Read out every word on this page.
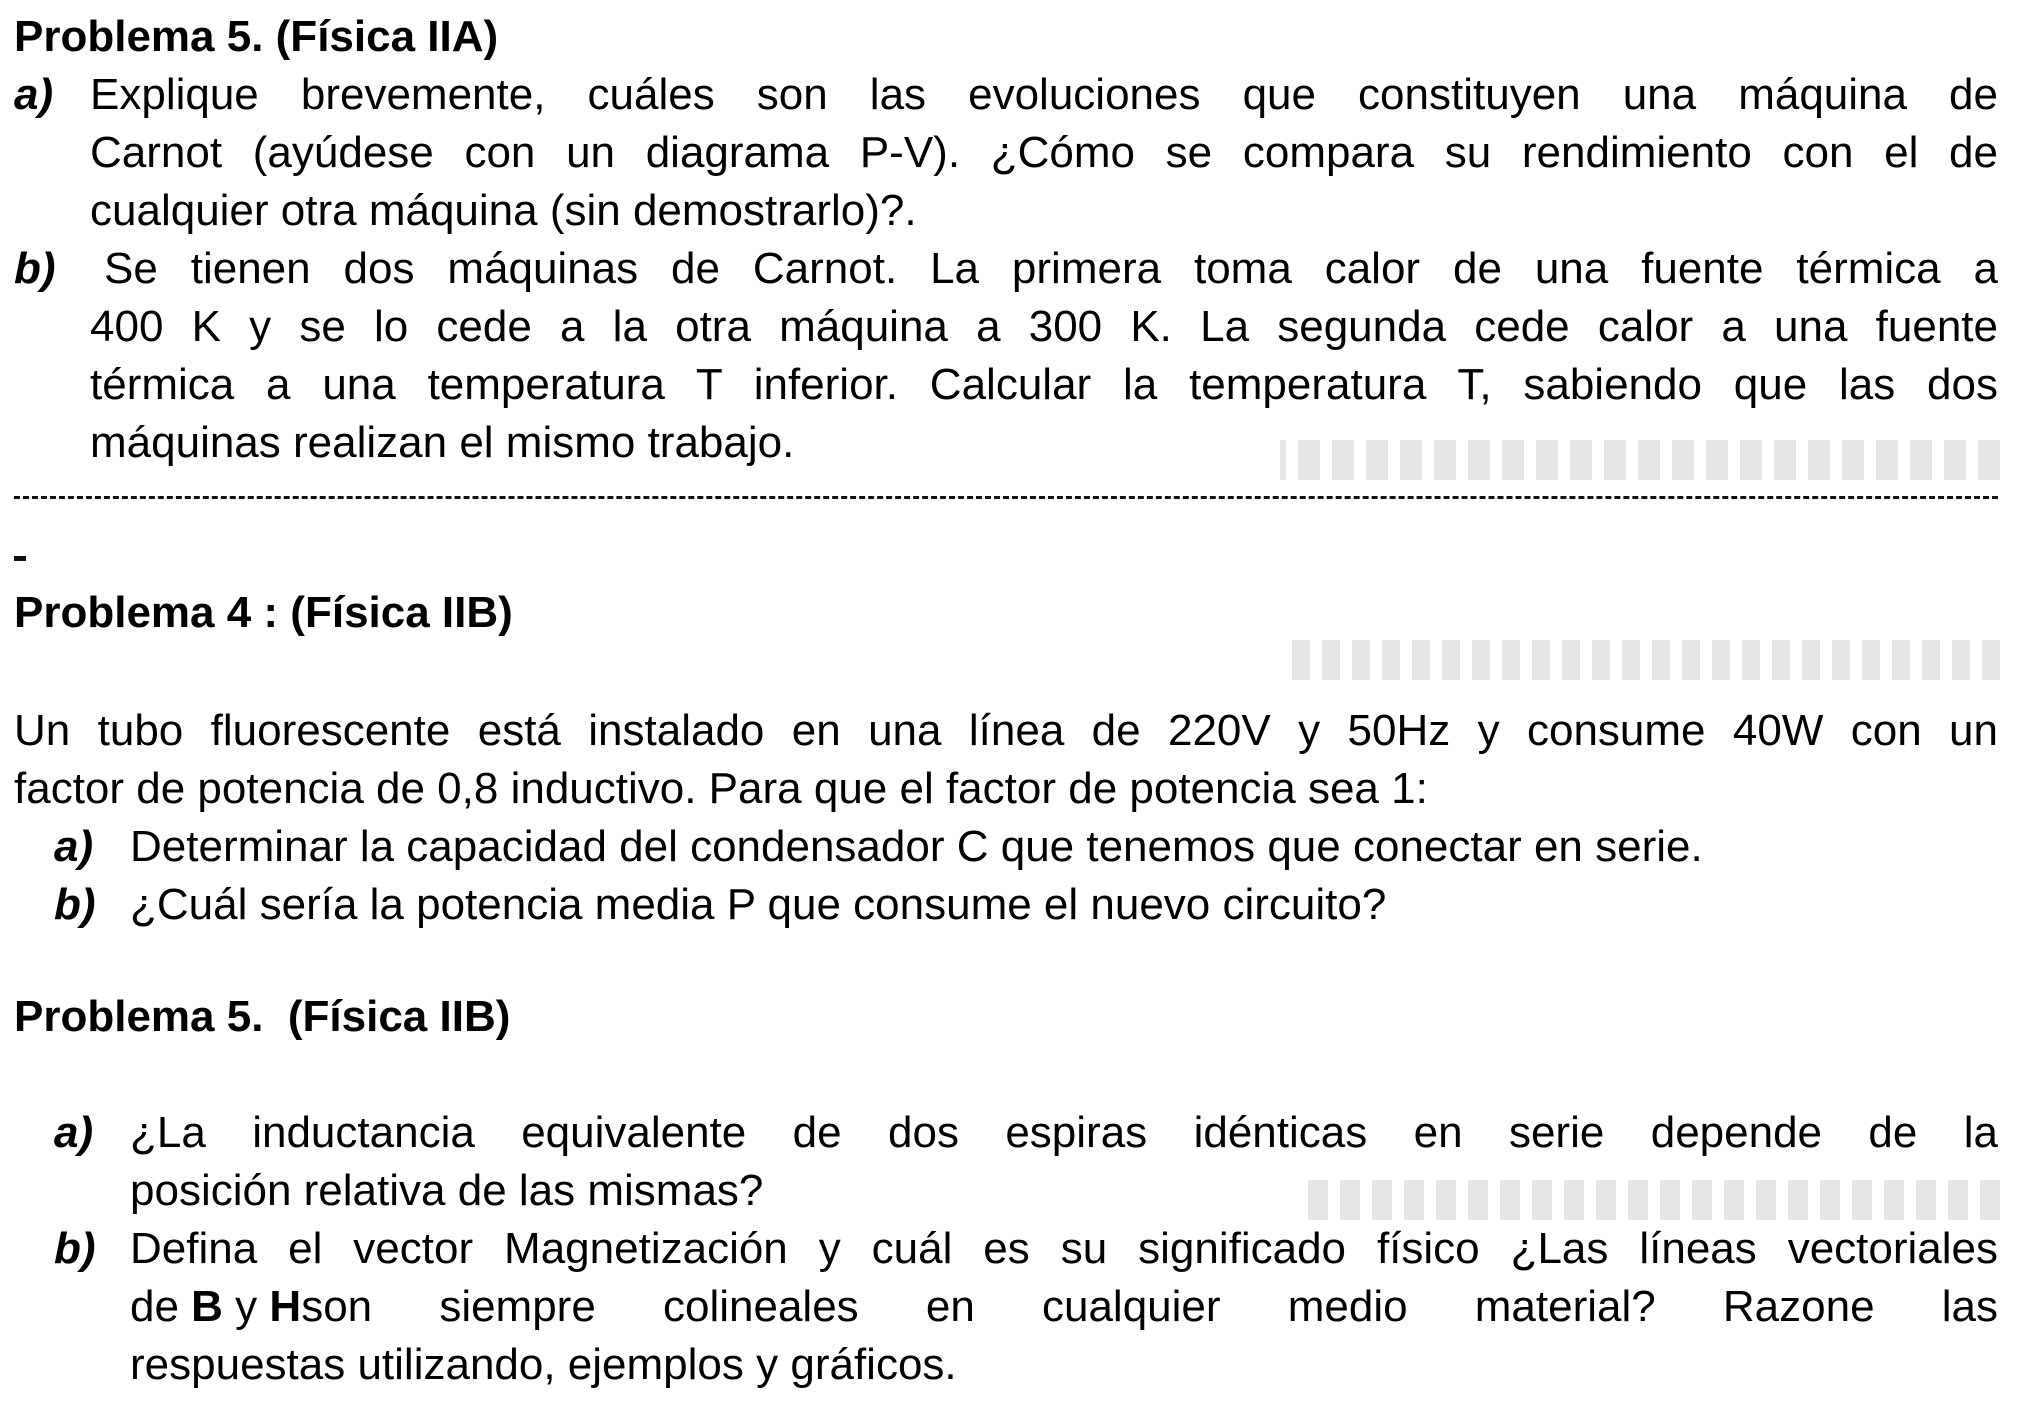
Problema 5. (Física IIA)
a) Explique brevemente, cuáles son las evoluciones que constituyen una máquina de
Carnot (ayúdese con un diagrama P-V). ¿Cómo se compara su rendimiento con el de
cualquier otra máquina (sin demostrarlo)?.
b)	Se tienen dos máquinas de Carnot. La primera toma calor de una fuente térmica a
400 K y se lo cede a la otra máquina a 300 K. La segunda cede calor a una fuente
térmica a una temperatura T inferior. Calcular la temperatura T, sabiendo que las dos
máquinas realizan el mismo trabajo.
Problema 4 : (Física IIB)
Un tubo fluorescente está instalado en una línea de 220V y 50Hz y consume 40W con un
factor de potencia de 0,8 inductivo. Para que el factor de potencia sea 1:
a) Determinar la capacidad del condensador C que tenemos que conectar en serie.
b) ¿Cuál sería la potencia media P que consume el nuevo circuito?
Problema 5.  (Física IIB)
a) ¿La inductancia equivalente de dos espiras idénticas en serie depende de la
posición relativa de las mismas?
b) Defina el vector Magnetización y cuál es su significado físico ¿Las líneas vectoriales
de B y H son siempre colineales en cualquier medio material? Razone las
respuestas utilizando, ejemplos y gráficos.
